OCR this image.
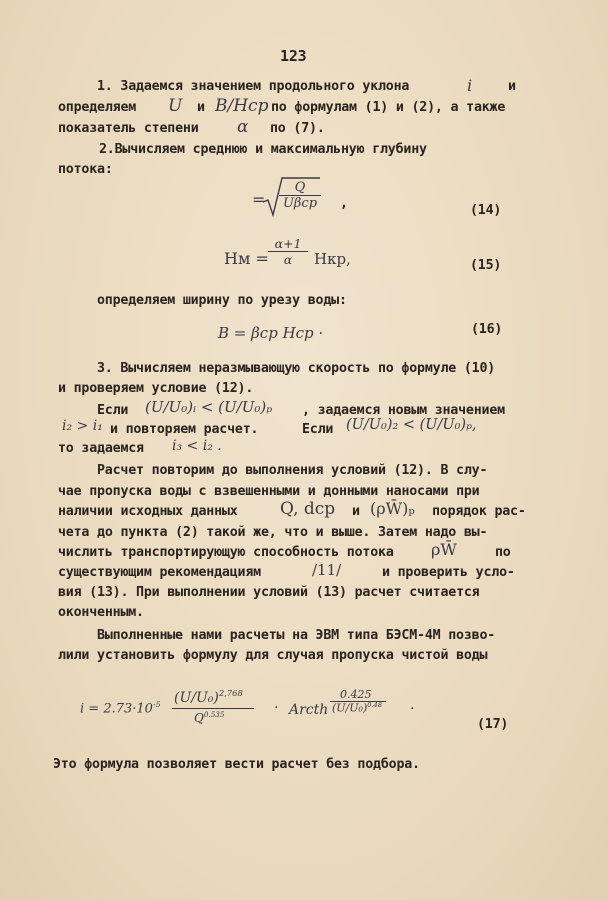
123
1. Задаемся значением продольного уклона	i	и
определяем U и B/Hcp по формулам (1) и (2), а также
показатель степени α по (7).
2.Вычисляем среднюю и максимальную глубину
потока:
=
Q
Uβcp ,	(14)
Hм = $\frac{\alpha+1}{\alpha}$ Hкр,	(15)
определяем ширину по урезу воды:
B = βcp Hcp ·	(16)
3. Вычисляем неразмывающую скорость по формуле (10)
и проверяем условие (12).
Если (U/U₀)ᵢ < (U/U₀)ₚ , задаемся новым значением
i₂ > i₁ и повторяем расчет.	Если (U/U₀)₂ < (U/U₀)ₚ,
то задаемся i₃ < i₂ .
Расчет повторим до выполнения условий (12). В слу-
чае пропуска воды с взвешенными и донными наносами при
наличии исходных данных Q, dcp и (ρW̄)ₚ порядок рас-
чета до пункта (2) такой же, что и выше. Затем надо вы-
числить транспортирующую способность потока ρW̄	по
существующим рекомендациям	/11/	и проверить усло-
вия (13). При выполнении условий (13) расчет считается
оконченным.
Выполненные нами расчеты на ЭВМ типа БЭСМ-4М позво-
лили установить формулу для случая пропуска чистой воды
$i = 2.73\cdot 10^{-5}$ $(U/U_0)^{2,768}$
$Q^{0.535}$	· Arcth
0.425
$(U/U_0)^{0.48}$ .
(17)
Это формула позволяет вести расчет без подбора.
